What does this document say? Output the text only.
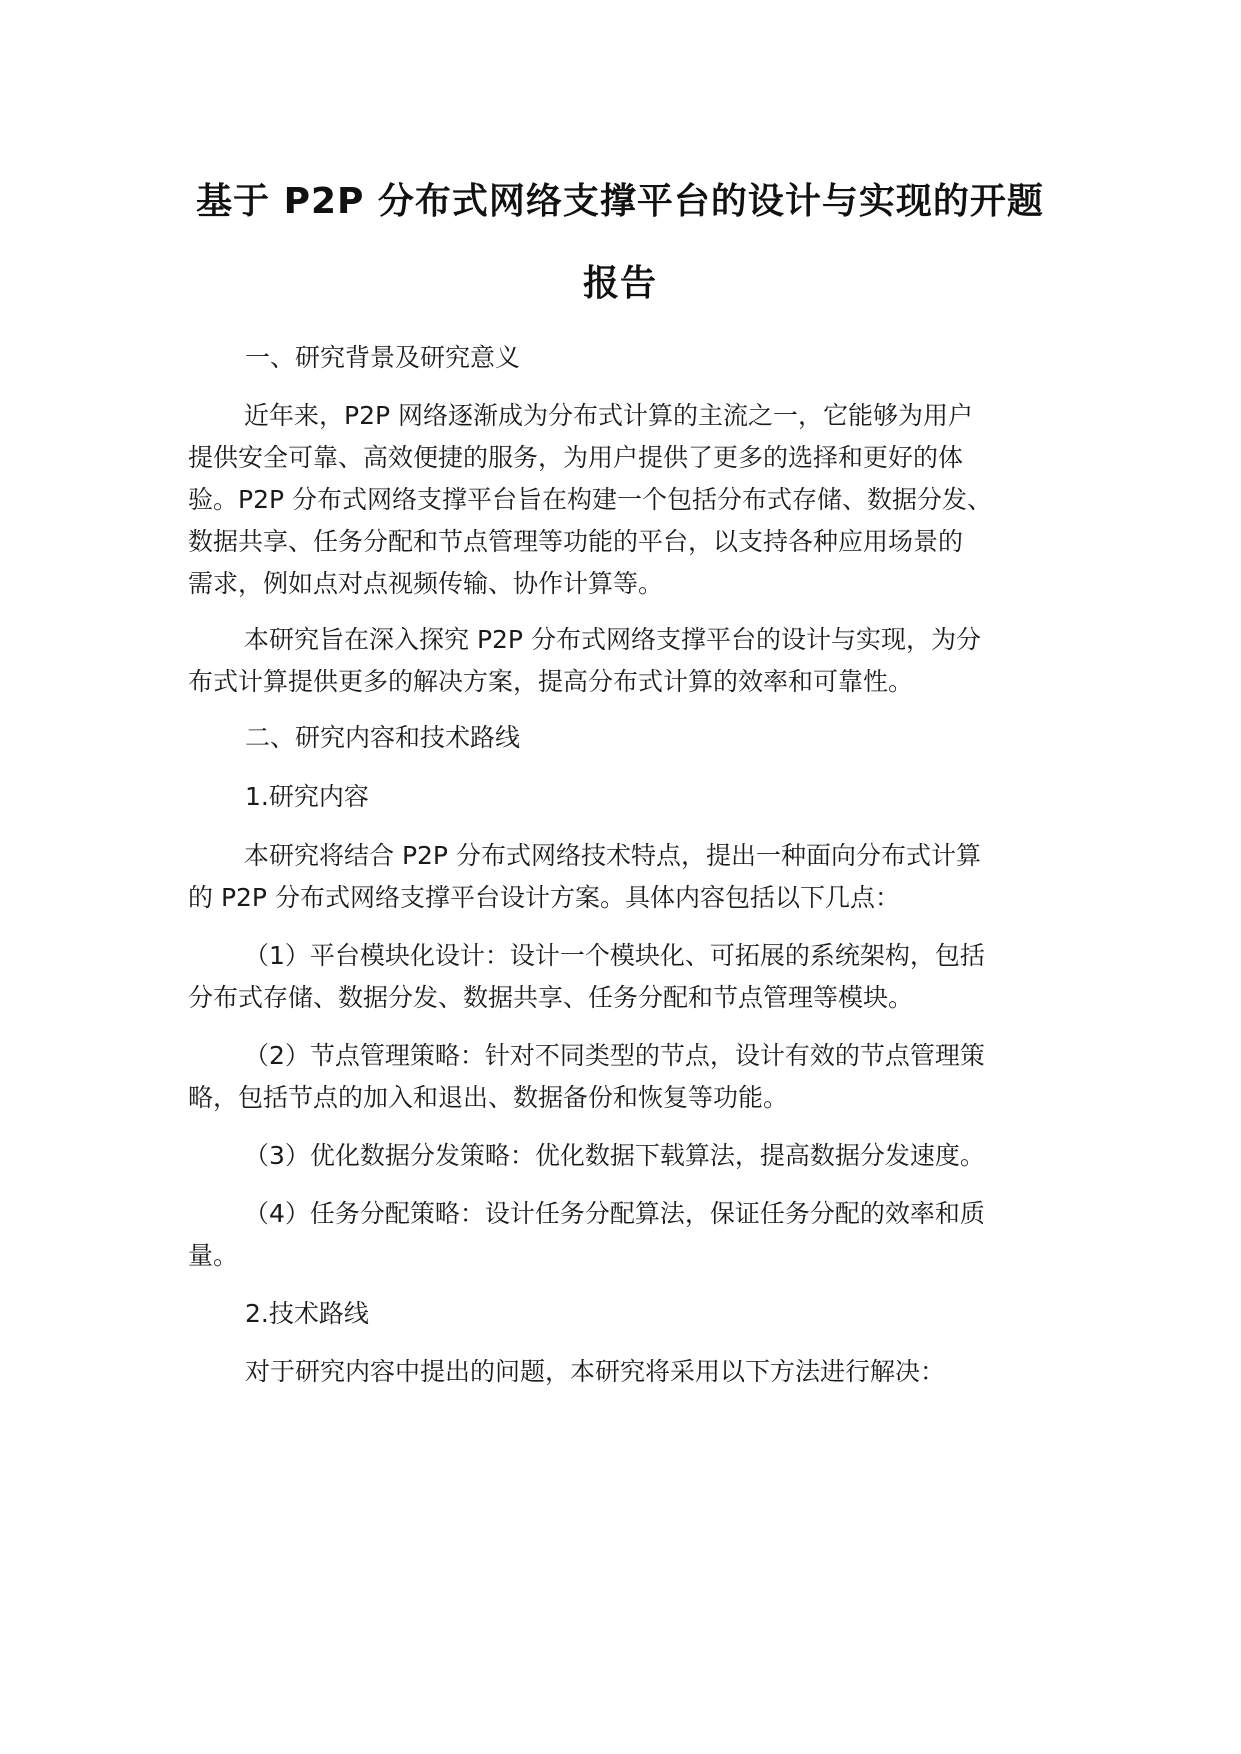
基于 P2P 分布式网络支撑平台的设计与实现的开题
报告
一、研究背景及研究意义
近年来，P2P 网络逐渐成为分布式计算的主流之一，它能够为用户
提供安全可靠、高效便捷的服务，为用户提供了更多的选择和更好的体
验。P2P 分布式网络支撑平台旨在构建一个包括分布式存储、数据分发、
数据共享、任务分配和节点管理等功能的平台，以支持各种应用场景的
需求，例如点对点视频传输、协作计算等。
本研究旨在深入探究 P2P 分布式网络支撑平台的设计与实现，为分
布式计算提供更多的解决方案，提高分布式计算的效率和可靠性。
二、研究内容和技术路线
1.研究内容
本研究将结合 P2P 分布式网络技术特点，提出一种面向分布式计算
的 P2P 分布式网络支撑平台设计方案。具体内容包括以下几点：
（1）平台模块化设计：设计一个模块化、可拓展的系统架构，包括
分布式存储、数据分发、数据共享、任务分配和节点管理等模块。
（2）节点管理策略：针对不同类型的节点，设计有效的节点管理策
略，包括节点的加入和退出、数据备份和恢复等功能。
（3）优化数据分发策略：优化数据下载算法，提高数据分发速度。
（4）任务分配策略：设计任务分配算法，保证任务分配的效率和质
量。
2.技术路线
对于研究内容中提出的问题，本研究将采用以下方法进行解决：
